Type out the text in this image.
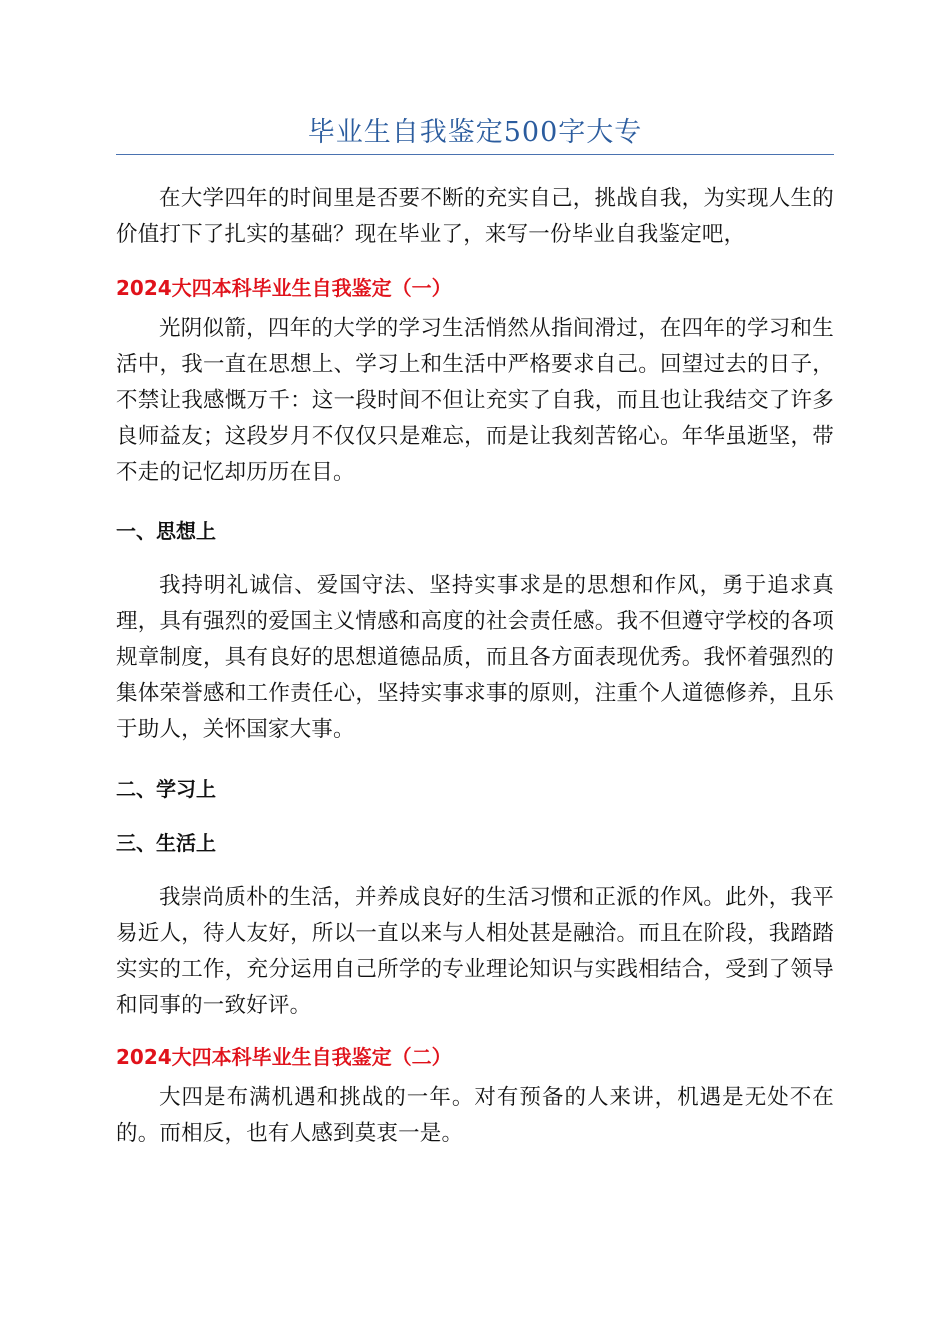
毕业生自我鉴定500字大专

在大学四年的时间里是否要不断的充实自己，挑战自我，为实现人生的价值打下了扎实的基础？现在毕业了，来写一份毕业自我鉴定吧，

2024大四本科毕业生自我鉴定（一）

光阴似箭，四年的大学的学习生活悄然从指间滑过，在四年的学习和生活中，我一直在思想上、学习上和生活中严格要求自己。回望过去的日子，不禁让我感慨万千：这一段时间不但让充实了自我，而且也让我结交了许多良师益友；这段岁月不仅仅只是难忘，而是让我刻苦铭心。年华虽逝坚，带不走的记忆却历历在目。

一、思想上

我持明礼诚信、爱国守法、坚持实事求是的思想和作风，勇于追求真理，具有强烈的爱国主义情感和高度的社会责任感。我不但遵守学校的各项规章制度，具有良好的思想道德品质，而且各方面表现优秀。我怀着强烈的集体荣誉感和工作责任心，坚持实事求事的原则，注重个人道德修养，且乐于助人，关怀国家大事。

二、学习上
三、生活上

我崇尚质朴的生活，并养成良好的生活习惯和正派的作风。此外，我平易近人，待人友好，所以一直以来与人相处甚是融洽。而且在阶段，我踏踏实实的工作，充分运用自己所学的专业理论知识与实践相结合，受到了领导和同事的一致好评。

2024大四本科毕业生自我鉴定（二）

大四是布满机遇和挑战的一年。对有预备的人来讲，机遇是无处不在的。而相反，也有人感到莫衷一是。
